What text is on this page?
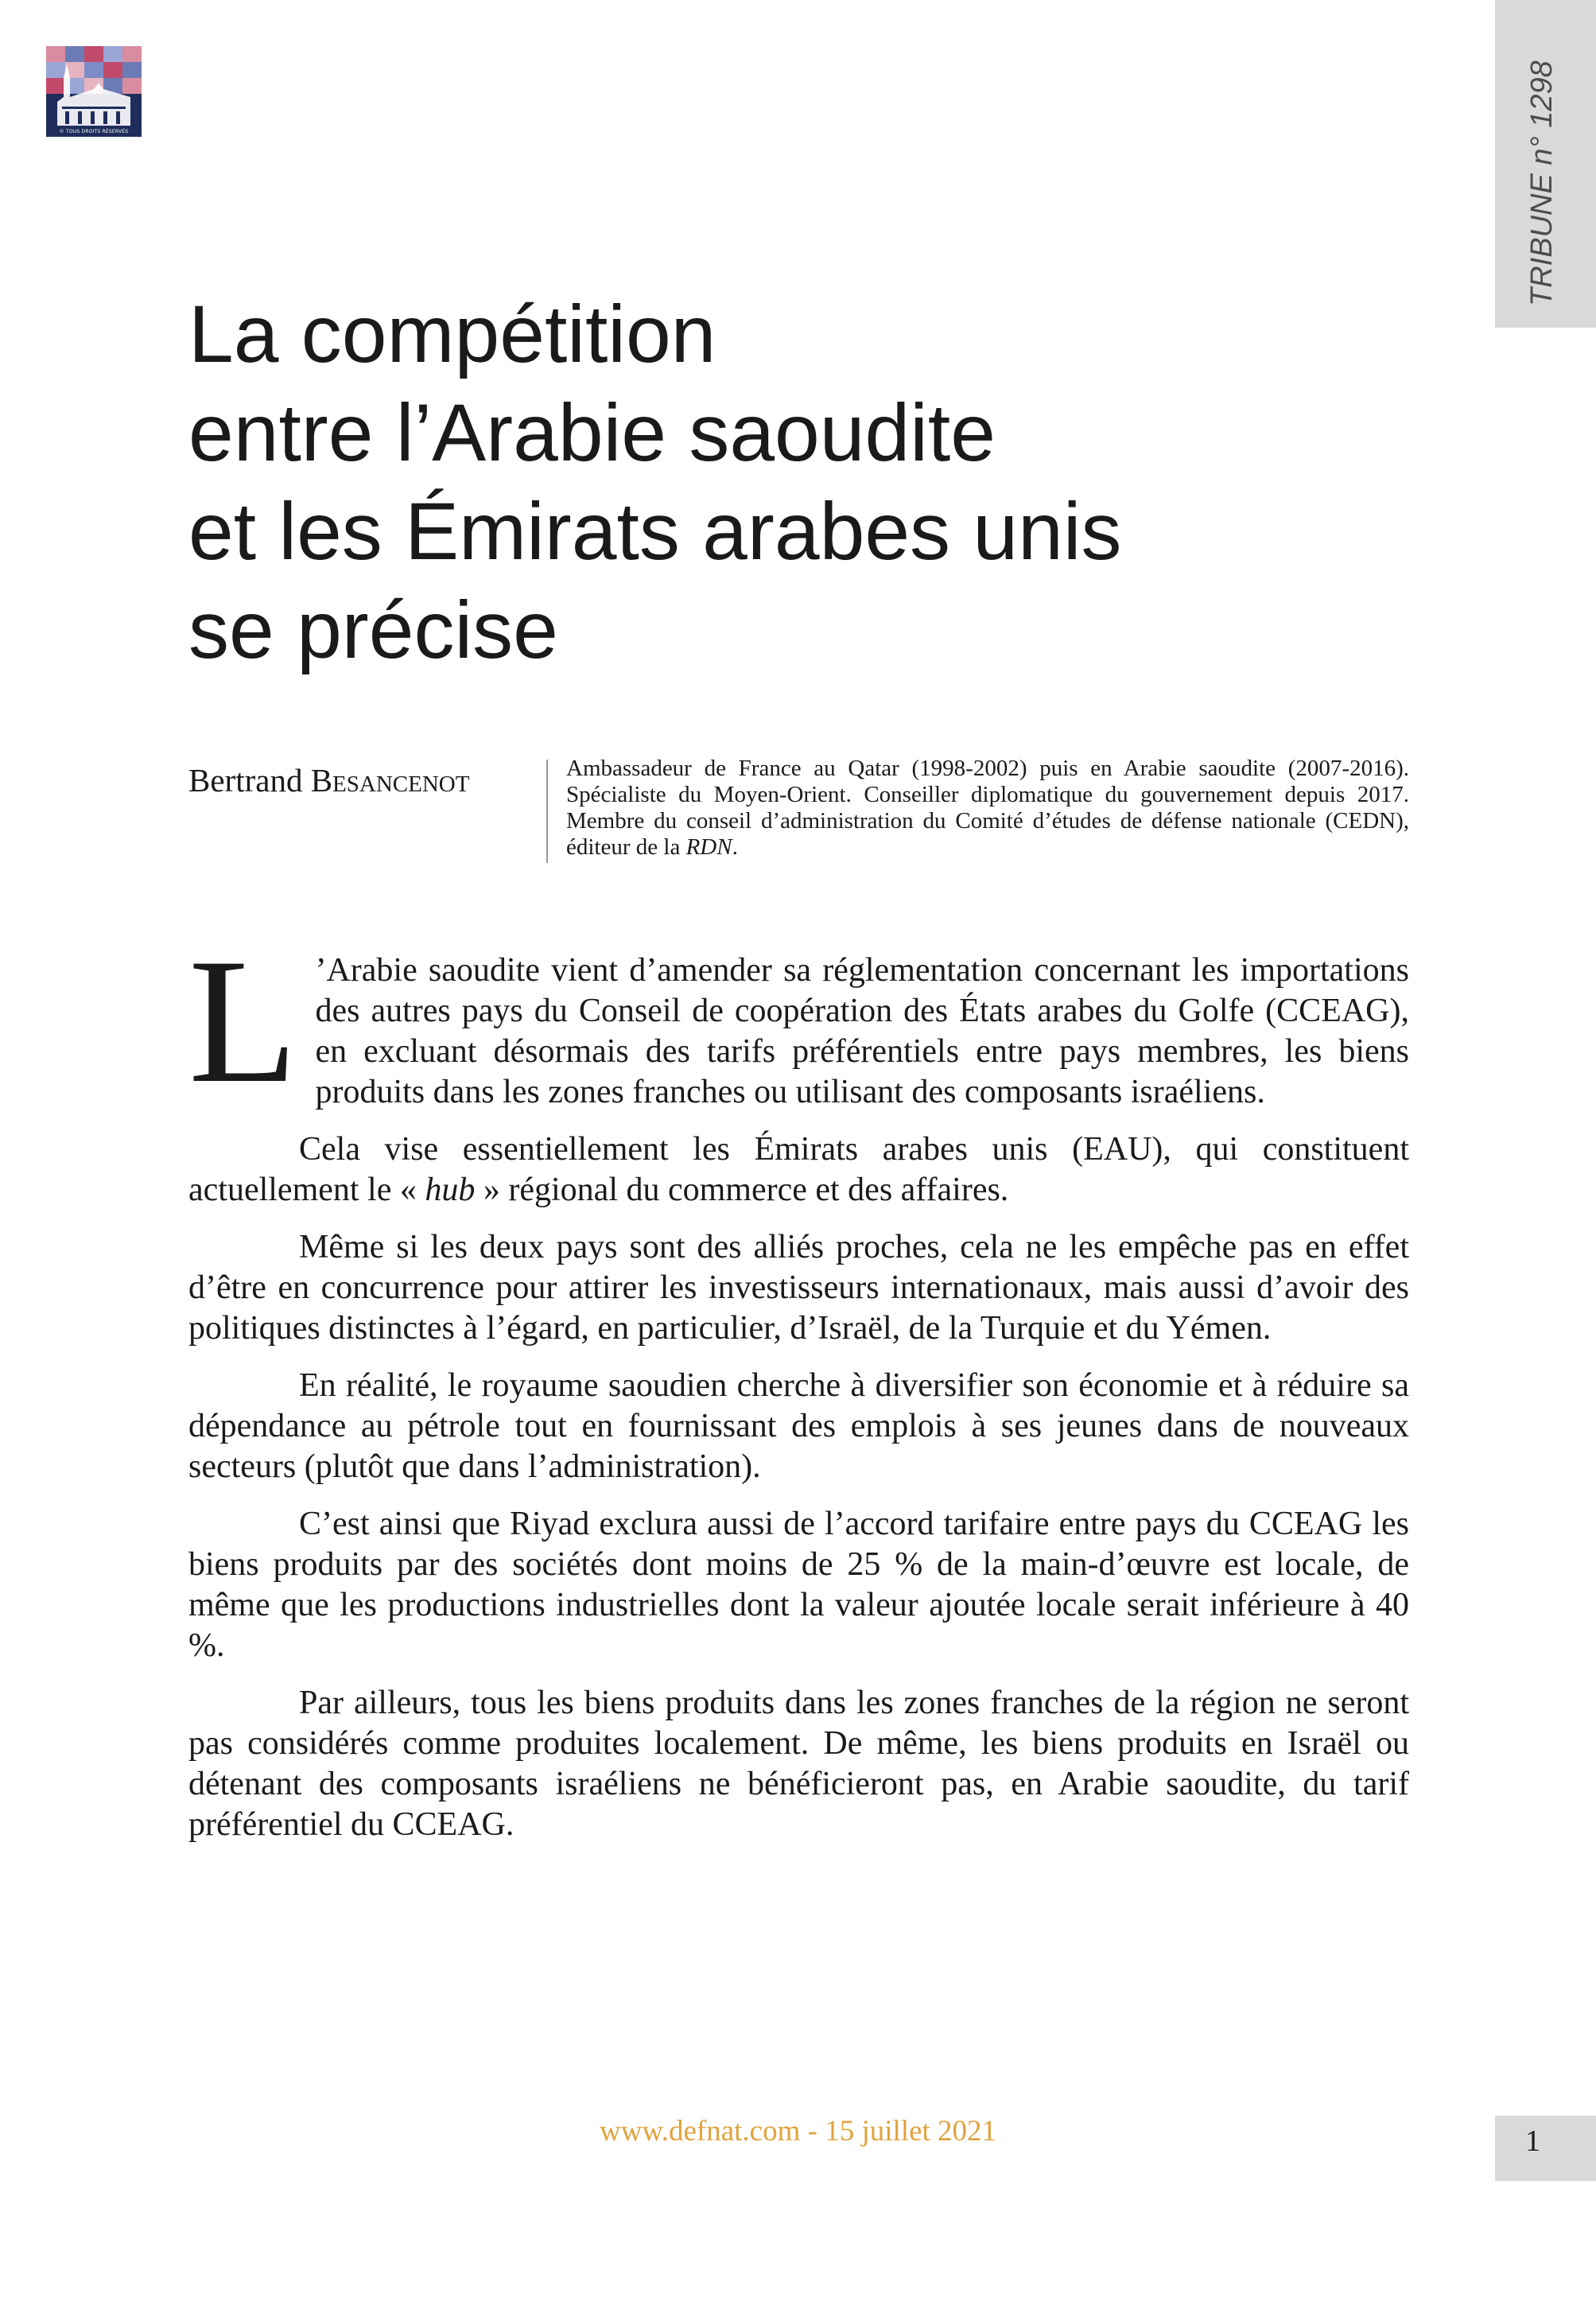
© TOUS DROITS RÉSERVÉS	TRIBUNE n° 1298
La compétition
entre l’Arabie saoudite
et les Émirats arabes unis
se précise
Bertrand Besancenot	Ambassadeur de France au Qatar (1998-2002) puis en Arabie saoudite (2007-2016). Spécialiste du Moyen-Orient. Conseiller diplomatique du gouvernement depuis 2017. Membre du conseil d’administration du Comité d’études de défense nationale (CEDN), éditeur de la RDN.

L ’Arabie saoudite vient d’amender sa réglementation concernant les importations des autres pays du Conseil de coopération des États arabes du Golfe (CCEAG), en excluant désormais des tarifs préférentiels entre pays membres, les biens produits dans les zones franches ou utilisant des composants israéliens.

Cela vise essentiellement les Émirats arabes unis (EAU), qui constituent actuellement le « hub » régional du commerce et des affaires.

Même si les deux pays sont des alliés proches, cela ne les empêche pas en effet d’être en concurrence pour attirer les investisseurs internationaux, mais aussi d’avoir des politiques distinctes à l’égard, en particulier, d’Israël, de la Turquie et du Yémen.

En réalité, le royaume saoudien cherche à diversifier son économie et à réduire sa dépendance au pétrole tout en fournissant des emplois à ses jeunes dans de nouveaux secteurs (plutôt que dans l’administration).

C’est ainsi que Riyad exclura aussi de l’accord tarifaire entre pays du CCEAG les biens produits par des sociétés dont moins de 25 % de la main-d’œuvre est locale, de même que les productions industrielles dont la valeur ajoutée locale serait inférieure à 40 %.

Par ailleurs, tous les biens produits dans les zones franches de la région ne seront pas considérés comme produites localement. De même, les biens produits en Israël ou détenant des composants israéliens ne bénéficieront pas, en Arabie saoudite, du tarif préférentiel du CCEAG.

www.defnat.com - 15 juillet 2021	1
